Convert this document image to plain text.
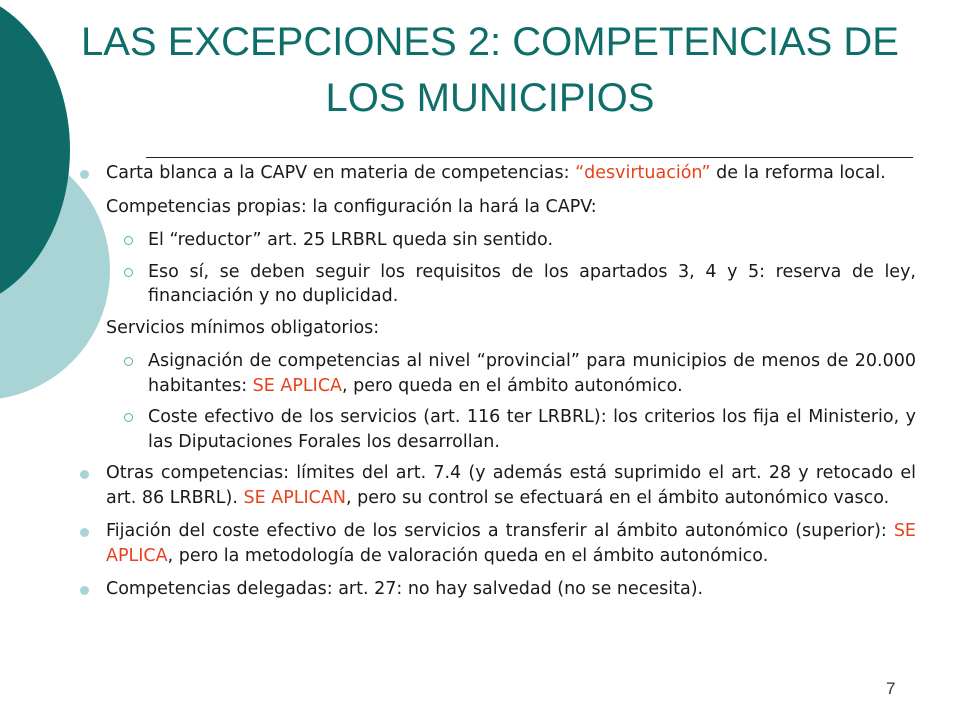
LAS EXCEPCIONES 2: COMPETENCIAS DE LOS MUNICIPIOS
Carta blanca a la CAPV en materia de competencias: “desvirtuación” de la reforma local.
Competencias propias: la configuración la hará la CAPV:
El “reductor” art. 25 LRBRL queda sin sentido.
Eso sí, se deben seguir los requisitos de los apartados 3, 4 y 5: reserva de ley, financiación y no duplicidad.
Servicios mínimos obligatorios:
Asignación de competencias al nivel “provincial” para municipios de menos de 20.000 habitantes: SE APLICA, pero queda en el ámbito autonómico.
Coste efectivo de los servicios (art. 116 ter LRBRL): los criterios los fija el Ministerio, y las Diputaciones Forales los desarrollan.
Otras competencias: límites del art. 7.4 (y además está suprimido el art. 28 y retocado el art. 86 LRBRL). SE APLICAN, pero su control se efectuará en el ámbito autonómico vasco.
Fijación del coste efectivo de los servicios a transferir al ámbito autonómico (superior): SE APLICA, pero la metodología de valoración queda en el ámbito autonómico.
Competencias delegadas: art. 27: no hay salvedad (no se necesita).
7
